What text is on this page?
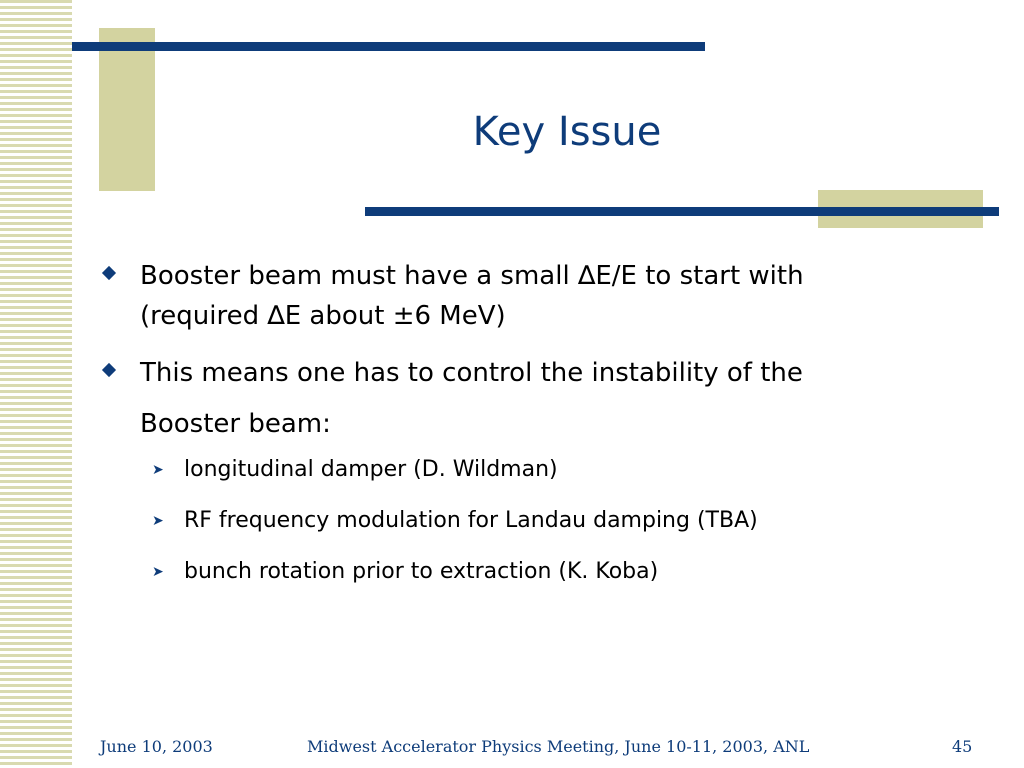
Key Issue
Booster beam must have a small ∆E/E to start with
(required ∆E about ±6 MeV)
This means one has to control the instability of the
Booster beam:
➤ longitudinal damper (D. Wildman)
➤ RF frequency modulation for Landau damping (TBA)
➤ bunch rotation prior to extraction (K. Koba)
June 10, 2003	Midwest Accelerator Physics Meeting, June 10-11, 2003, ANL	45
